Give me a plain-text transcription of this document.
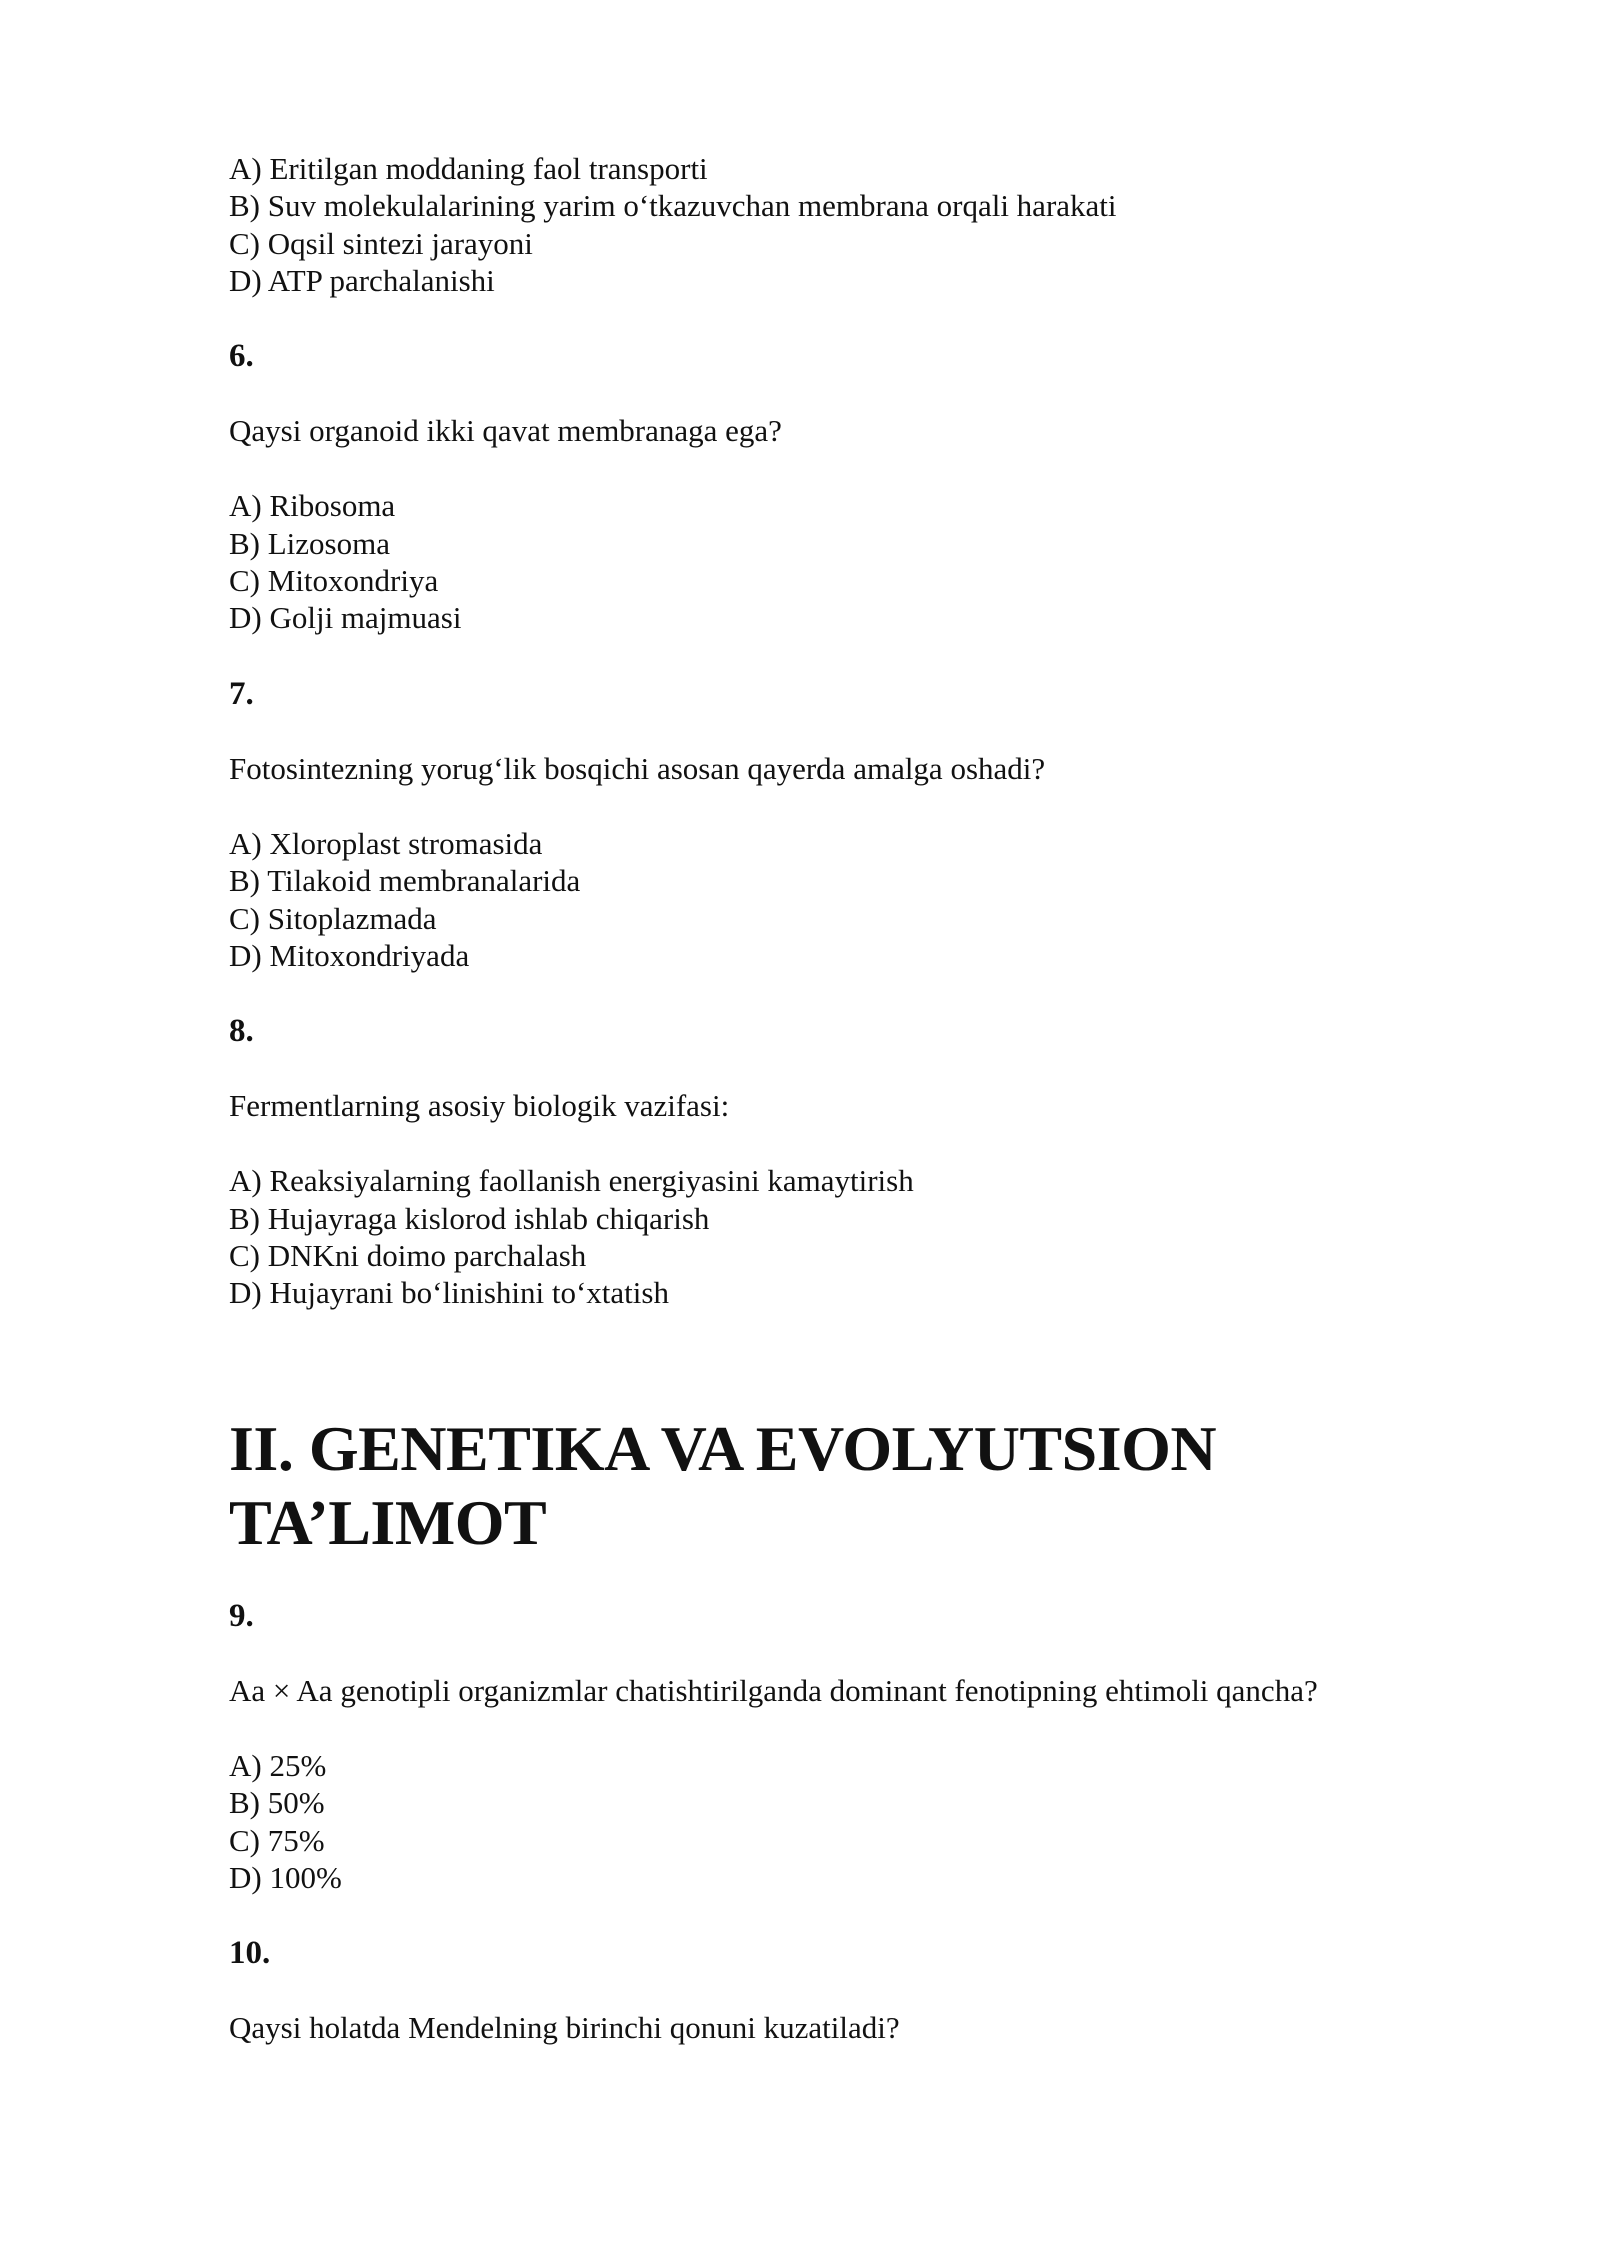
A) Eritilgan moddaning faol transporti

B) Suv molekulalarining yarim o‘tkazuvchan membrana orqali harakati

C) Oqsil sintezi jarayoni

D) ATP parchalanishi

6.

Qaysi organoid ikki qavat membranaga ega?

A) Ribosoma

B) Lizosoma

C) Mitoxondriya

D) Golji majmuasi

7.

Fotosintezning yorug‘lik bosqichi asosan qayerda amalga oshadi?

A) Xloroplast stromasida

B) Tilakoid membranalarida

C) Sitoplazmada

D) Mitoxondriyada

8.

Fermentlarning asosiy biologik vazifasi:

A) Reaksiyalarning faollanish energiyasini kamaytirish

B) Hujayraga kislorod ishlab chiqarish

C) DNKni doimo parchalash

D) Hujayrani bo‘linishini to‘xtatish

II. GENETIKA VA EVOLYUTSION
TA’LIMOT

9.

Aa × Aa genotipli organizmlar chatishtirilganda dominant fenotipning ehtimoli qancha?

A) 25%

B) 50%

C) 75%

D) 100%

10.

Qaysi holatda Mendelning birinchi qonuni kuzatiladi?
